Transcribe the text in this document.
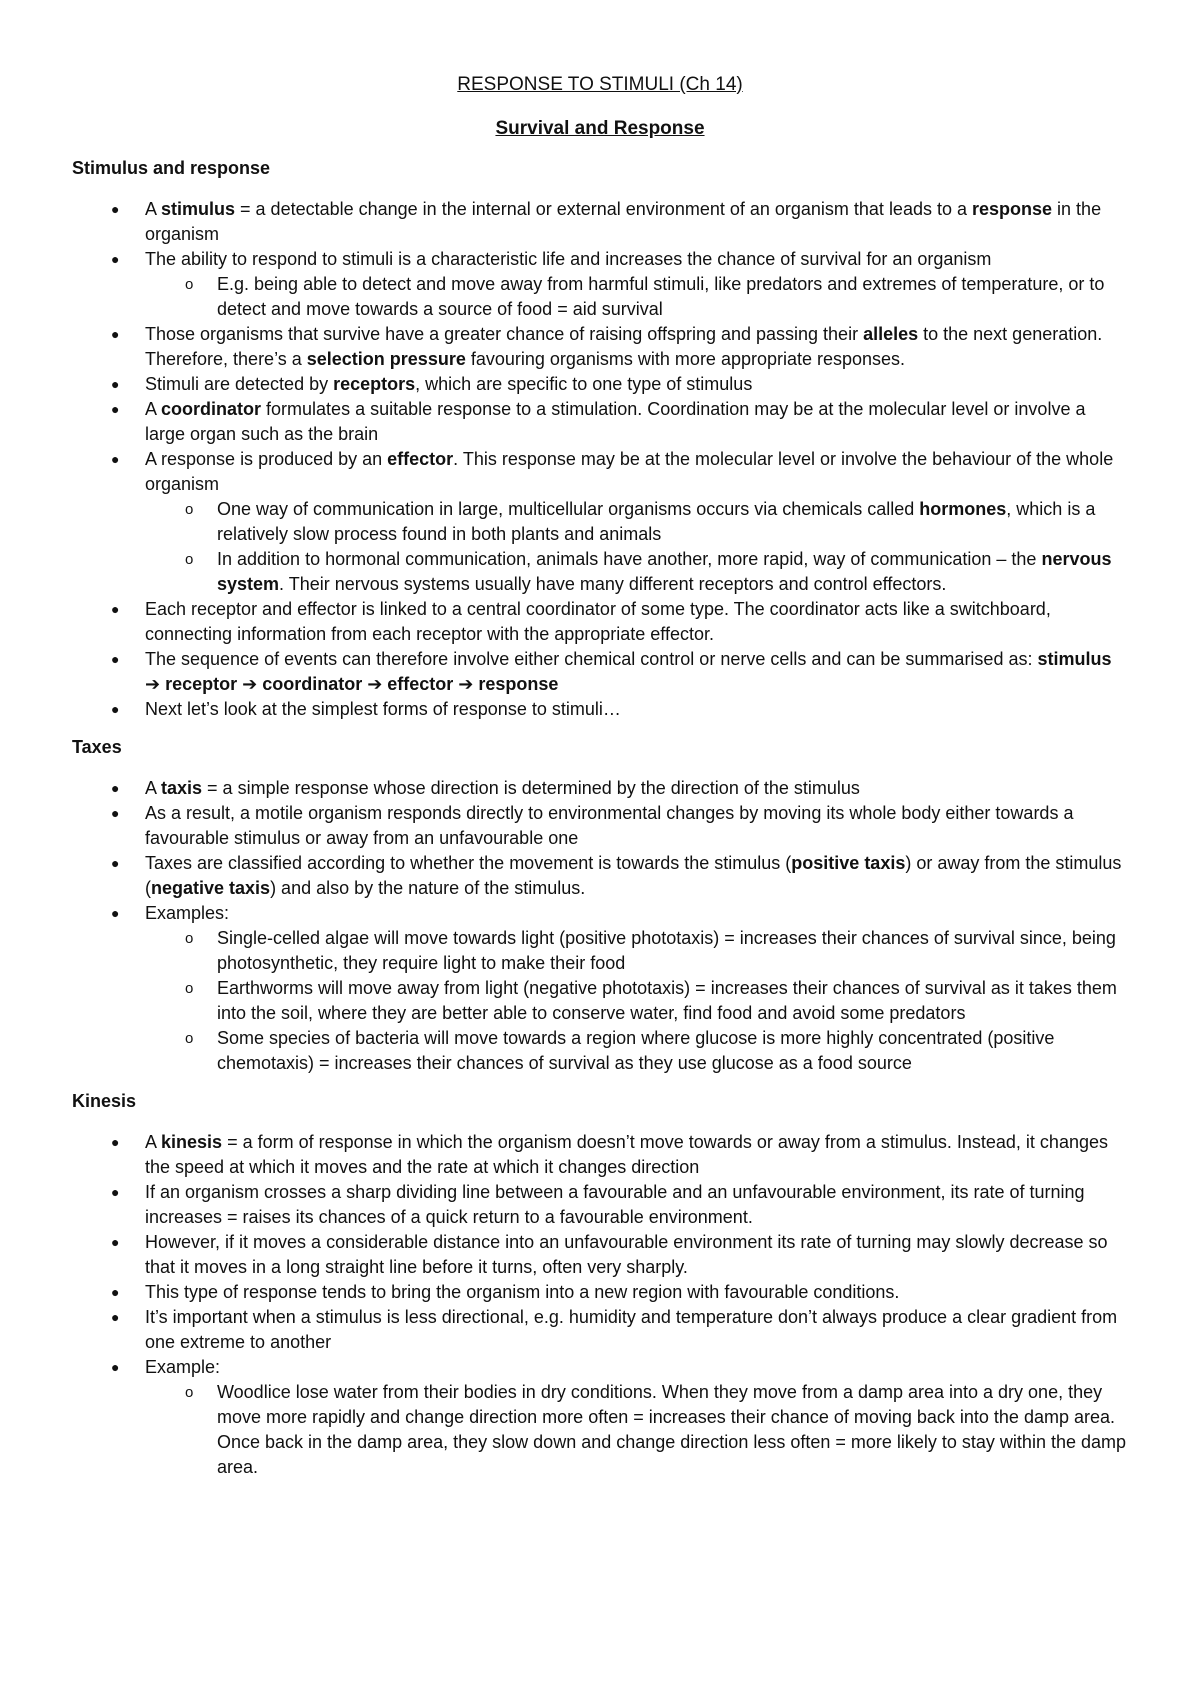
RESPONSE TO STIMULI (Ch 14)
Survival and Response
Stimulus and response
● A stimulus = a detectable change in the internal or external environment of an organism that leads to a response in the organism
● The ability to respond to stimuli is a characteristic life and increases the chance of survival for an organism
o E.g. being able to detect and move away from harmful stimuli, like predators and extremes of temperature, or to detect and move towards a source of food = aid survival
● Those organisms that survive have a greater chance of raising offspring and passing their alleles to the next generation. Therefore, there’s a selection pressure favouring organisms with more appropriate responses.
● Stimuli are detected by receptors, which are specific to one type of stimulus
● A coordinator formulates a suitable response to a stimulation. Coordination may be at the molecular level or involve a large organ such as the brain
● A response is produced by an effector. This response may be at the molecular level or involve the behaviour of the whole organism
o One way of communication in large, multicellular organisms occurs via chemicals called hormones, which is a relatively slow process found in both plants and animals
o In addition to hormonal communication, animals have another, more rapid, way of communication – the nervous system. Their nervous systems usually have many different receptors and control effectors.
● Each receptor and effector is linked to a central coordinator of some type. The coordinator acts like a switchboard, connecting information from each receptor with the appropriate effector.
● The sequence of events can therefore involve either chemical control or nerve cells and can be summarised as: stimulus ➔ receptor ➔ coordinator ➔ effector ➔ response
● Next let’s look at the simplest forms of response to stimuli…
Taxes
● A taxis = a simple response whose direction is determined by the direction of the stimulus
● As a result, a motile organism responds directly to environmental changes by moving its whole body either towards a favourable stimulus or away from an unfavourable one
● Taxes are classified according to whether the movement is towards the stimulus (positive taxis) or away from the stimulus (negative taxis) and also by the nature of the stimulus.
● Examples:
o Single-celled algae will move towards light (positive phototaxis) = increases their chances of survival since, being photosynthetic, they require light to make their food
o Earthworms will move away from light (negative phototaxis) = increases their chances of survival as it takes them into the soil, where they are better able to conserve water, find food and avoid some predators
o Some species of bacteria will move towards a region where glucose is more highly concentrated (positive chemotaxis) = increases their chances of survival as they use glucose as a food source
Kinesis
● A kinesis = a form of response in which the organism doesn’t move towards or away from a stimulus. Instead, it changes the speed at which it moves and the rate at which it changes direction
● If an organism crosses a sharp dividing line between a favourable and an unfavourable environment, its rate of turning increases = raises its chances of a quick return to a favourable environment.
● However, if it moves a considerable distance into an unfavourable environment its rate of turning may slowly decrease so that it moves in a long straight line before it turns, often very sharply.
● This type of response tends to bring the organism into a new region with favourable conditions.
● It’s important when a stimulus is less directional, e.g. humidity and temperature don’t always produce a clear gradient from one extreme to another
● Example:
o Woodlice lose water from their bodies in dry conditions. When they move from a damp area into a dry one, they move more rapidly and change direction more often = increases their chance of moving back into the damp area. Once back in the damp area, they slow down and change direction less often = more likely to stay within the damp area.
